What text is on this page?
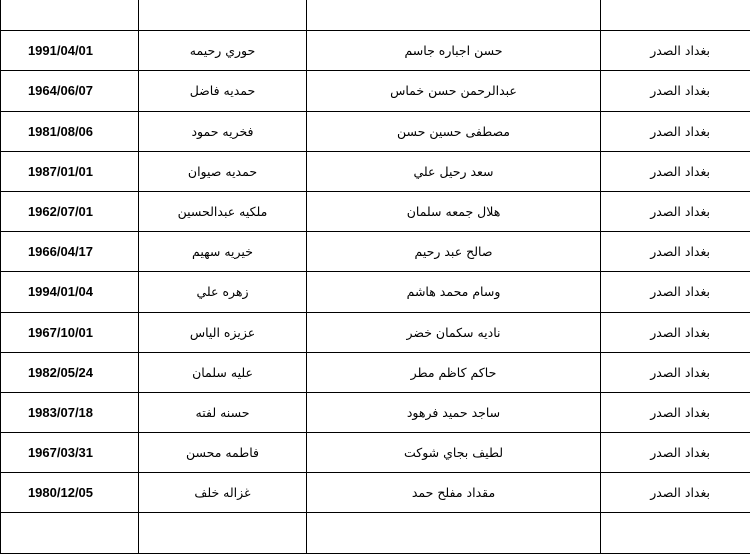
1991/04/01	حوري رحيمه	حسن اجباره جاسم	بغداد الصدر
1964/06/07	حمديه فاضل	عبدالرحمن حسن خماس	بغداد الصدر
1981/08/06	فخريه حمود	مصطفى حسين حسن	بغداد الصدر
1987/01/01	حمديه صيوان	سعد رحيل علي	بغداد الصدر
1962/07/01	ملكيه عبدالحسين	هلال جمعه سلمان	بغداد الصدر
1966/04/17	خيريه سهيم	صالح عبد رحيم	بغداد الصدر
1994/01/04	زهره علي	وسام محمد هاشم	بغداد الصدر
1967/10/01	عزيزه الياس	ناديه سكمان خضر	بغداد الصدر
1982/05/24	عليه سلمان	حاكم كاظم مطر	بغداد الصدر
1983/07/18	حسنه لفته	ساجد حميد فرهود	بغداد الصدر
1967/03/31	فاطمه محسن	لطيف بجاي شوكت	بغداد الصدر
1980/12/05	غزاله خلف	مقداد مفلح حمد	بغداد الصدر
